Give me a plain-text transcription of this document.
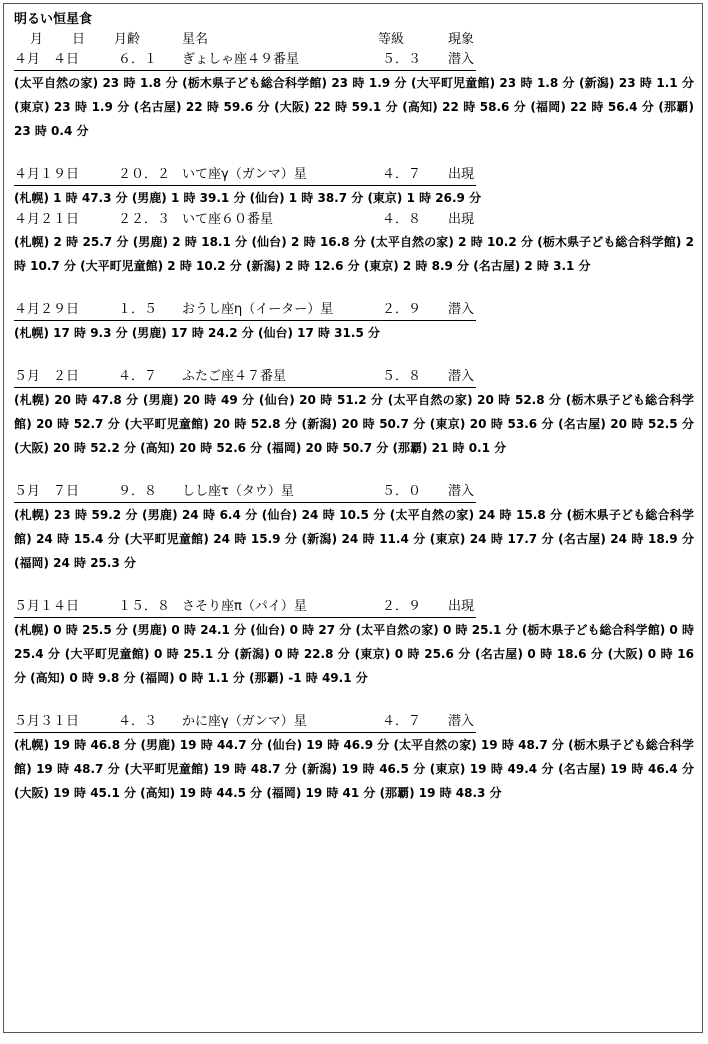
明るい恒星食
月 日 月齢	星名	等級	現象
４月　４日	６．１ ぎょしゃ座４９番星	５．３ 潜入

(太平自然の家) 23 時 1.8 分 (栃木県子ども総合科学館) 23 時 1.9 分 (大平町児童館) 23 時 1.8 分 (新潟) 23 時 1.1 分 (東京) 23 時 1.9 分 (名古屋) 22 時 59.6 分 (大阪) 22 時 59.1 分 (高知) 22 時 58.6 分 (福岡) 22 時 56.4 分 (那覇) 23 時 0.4 分

４月１９日	２０．２ いて座γ（ガンマ）星	４．７ 出現

(札幌) 1 時 47.3 分 (男鹿) 1 時 39.1 分 (仙台) 1 時 38.7 分 (東京) 1 時 26.9 分

４月２１日	２２．３ いて座６０番星	４．８ 出現

(札幌) 2 時 25.7 分 (男鹿) 2 時 18.1 分 (仙台) 2 時 16.8 分 (太平自然の家) 2 時 10.2 分 (栃木県子ども総合科学館) 2 時 10.7 分 (大平町児童館) 2 時 10.2 分 (新潟) 2 時 12.6 分 (東京) 2 時 8.9 分 (名古屋) 2 時 3.1 分

４月２９日	１．５ おうし座η（イーター）星	２．９ 潜入

(札幌) 17 時 9.3 分 (男鹿) 17 時 24.2 分 (仙台) 17 時 31.5 分

５月　２日	４．７ ふたご座４７番星	５．８ 潜入

(札幌) 20 時 47.8 分 (男鹿) 20 時 49 分 (仙台) 20 時 51.2 分 (太平自然の家) 20 時 52.8 分 (栃木県子ども総合科学館) 20 時 52.7 分 (大平町児童館) 20 時 52.8 分 (新潟) 20 時 50.7 分 (東京) 20 時 53.6 分 (名古屋) 20 時 52.5 分 (大阪) 20 時 52.2 分 (高知) 20 時 52.6 分 (福岡) 20 時 50.7 分 (那覇) 21 時 0.1 分

５月　７日	９．８ しし座τ（タウ）星	５．０ 潜入

(札幌) 23 時 59.2 分 (男鹿) 24 時 6.4 分 (仙台) 24 時 10.5 分 (太平自然の家) 24 時 15.8 分 (栃木県子ども総合科学館) 24 時 15.4 分 (大平町児童館) 24 時 15.9 分 (新潟) 24 時 11.4 分 (東京) 24 時 17.7 分 (名古屋) 24 時 18.9 分 (福岡) 24 時 25.3 分

５月１４日	１５．８ さそり座π（パイ）星	２．９ 出現

(札幌) 0 時 25.5 分 (男鹿) 0 時 24.1 分 (仙台) 0 時 27 分 (太平自然の家) 0 時 25.1 分 (栃木県子ども総合科学館) 0 時 25.4 分 (大平町児童館) 0 時 25.1 分 (新潟) 0 時 22.8 分 (東京) 0 時 25.6 分 (名古屋) 0 時 18.6 分 (大阪) 0 時 16 分 (高知) 0 時 9.8 分 (福岡) 0 時 1.1 分 (那覇) -1 時 49.1 分

５月３１日	４．３ かに座γ（ガンマ）星	４．７ 潜入

(札幌) 19 時 46.8 分 (男鹿) 19 時 44.7 分 (仙台) 19 時 46.9 分 (太平自然の家) 19 時 48.7 分 (栃木県子ども総合科学館) 19 時 48.7 分 (大平町児童館) 19 時 48.7 分 (新潟) 19 時 46.5 分 (東京) 19 時 49.4 分 (名古屋) 19 時 46.4 分 (大阪) 19 時 45.1 分 (高知) 19 時 44.5 分 (福岡) 19 時 41 分 (那覇) 19 時 48.3 分
